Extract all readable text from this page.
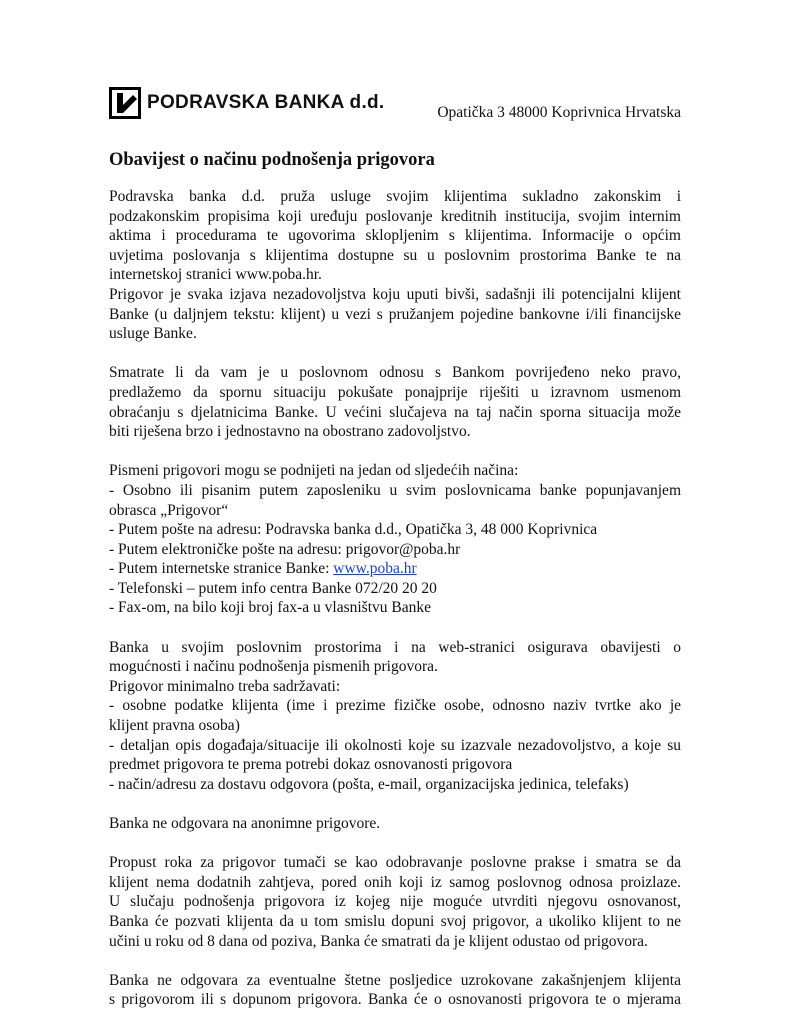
PODRAVSKA BANKA d.d.	Opatička 3 48000 Koprivnica Hrvatska
Obavijest o načinu podnošenja prigovora
Podravska banka d.d. pruža usluge svojim klijentima sukladno zakonskim i
podzakonskim propisima koji uređuju poslovanje kreditnih institucija, svojim internim
aktima i procedurama te ugovorima sklopljenim s klijentima. Informacije o općim
uvjetima poslovanja s klijentima dostupne su u poslovnim prostorima Banke te na
internetskoj stranici www.poba.hr.
Prigovor je svaka izjava nezadovoljstva koju uputi bivši, sadašnji ili potencijalni klijent
Banke (u daljnjem tekstu: klijent) u vezi s pružanjem pojedine bankovne i/ili financijske
usluge Banke.
Smatrate li da vam je u poslovnom odnosu s Bankom povrijeđeno neko pravo,
predlažemo da spornu situaciju pokušate ponajprije riješiti u izravnom usmenom
obraćanju s djelatnicima Banke. U većini slučajeva na taj način sporna situacija može
biti riješena brzo i jednostavno na obostrano zadovoljstvo.
Pismeni prigovori mogu se podnijeti na jedan od sljedećih načina:
- Osobno ili pisanim putem zaposleniku u svim poslovnicama banke popunjavanjem
obrasca „Prigovor“
- Putem pošte na adresu: Podravska banka d.d., Opatička 3, 48 000 Koprivnica
- Putem elektroničke pošte na adresu: prigovor@poba.hr
- Putem internetske stranice Banke: www.poba.hr
- Telefonski – putem info centra Banke 072/20 20 20
- Fax-om, na bilo koji broj fax-a u vlasništvu Banke
Banka u svojim poslovnim prostorima i na web-stranici osigurava obavijesti o
mogućnosti i načinu podnošenja pismenih prigovora.
Prigovor minimalno treba sadržavati:
- osobne podatke klijenta (ime i prezime fizičke osobe, odnosno naziv tvrtke ako je
klijent pravna osoba)
- detaljan opis događaja/situacije ili okolnosti koje su izazvale nezadovoljstvo, a koje su
predmet prigovora te prema potrebi dokaz osnovanosti prigovora
- način/adresu za dostavu odgovora (pošta, e-mail, organizacijska jedinica, telefaks)
Banka ne odgovara na anonimne prigovore.
Propust roka za prigovor tumači se kao odobravanje poslovne prakse i smatra se da
klijent nema dodatnih zahtjeva, pored onih koji iz samog poslovnog odnosa proizlaze.
U slučaju podnošenja prigovora iz kojeg nije moguće utvrditi njegovu osnovanost,
Banka će pozvati klijenta da u tom smislu dopuni svoj prigovor, a ukoliko klijent to ne
učini u roku od 8 dana od poziva, Banka će smatrati da je klijent odustao od prigovora.
Banka ne odgovara za eventualne štetne posljedice uzrokovane zakašnjenjem klijenta
s prigovorom ili s dopunom prigovora. Banka će o osnovanosti prigovora te o mjerama
